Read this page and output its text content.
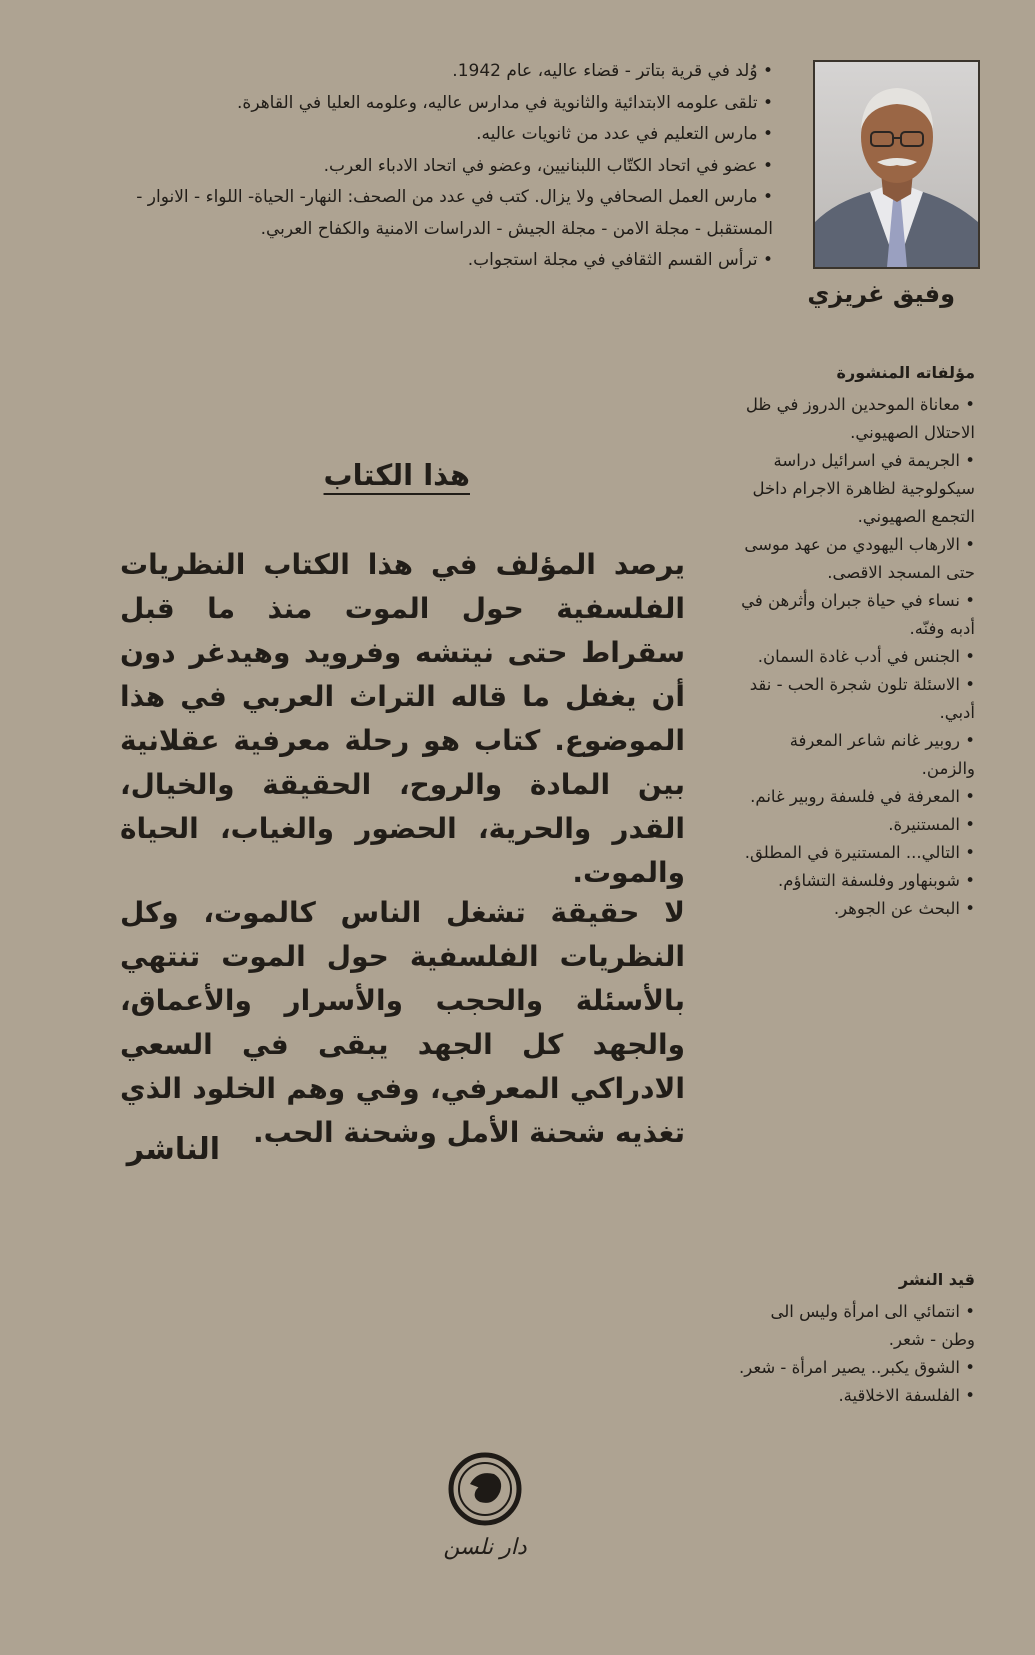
• وُلد في قرية بتاتر - قضاء عاليه، عام 1942.
• تلقى علومه الابتدائية والثانوية في مدارس عاليه، وعلومه العليا في القاهرة.
• مارس التعليم في عدد من ثانويات عاليه.
• عضو في اتحاد الكتّاب اللبنانيين، وعضو في اتحاد الادباء العرب.
• مارس العمل الصحافي ولا يزال. كتب في عدد من الصحف: النهار- الحياة- اللواء - الانوار - المستقبل - مجلة الامن - مجلة الجيش - الدراسات الامنية والكفاح العربي.
• ترأس القسم الثقافي في مجلة استجواب.
وفيق غريزي
مؤلفاته المنشورة
• معاناة الموحدين الدروز في ظل الاحتلال الصهيوني.
• الجريمة في اسرائيل دراسة سيكولوجية لظاهرة الاجرام داخل التجمع الصهيوني.
• الارهاب اليهودي من عهد موسى حتى المسجد الاقصى.
• نساء في حياة جبران وأثرهن في أدبه وفنّه.
• الجنس في أدب غادة السمان.
• الاسئلة تلون شجرة الحب - نقد أدبي.
• روبير غانم شاعر المعرفة والزمن.
• المعرفة في فلسفة روبير غانم.
• المستنيرة.
• التالي... المستنيرة في المطلق.
• شوبنهاور وفلسفة التشاؤم.
• البحث عن الجوهر.
قيد النشر
• انتمائي الى امرأة وليس الى وطن - شعر.
• الشوق يكبر.. يصير امرأة - شعر.
• الفلسفة الاخلاقية.
هذا الكتاب
يرصد المؤلف في هذا الكتاب النظريات الفلسفية حول الموت منذ ما قبل سقراط حتى نيتشه وفرويد وهيدغر دون أن يغفل ما قاله التراث العربي في هذا الموضوع. كتاب هو رحلة معرفية عقلانية بين المادة والروح، الحقيقة والخيال، القدر والحرية، الحضور والغياب، الحياة والموت.
لا حقيقة تشغل الناس كالموت، وكل النظريات الفلسفية حول الموت تنتهي بالأسئلة والحجب والأسرار والأعماق، والجهد كل الجهد يبقى في السعي الادراكي المعرفي، وفي وهم الخلود الذي تغذيه شحنة الأمل وشحنة الحب.
الناشر
دار نلسن
